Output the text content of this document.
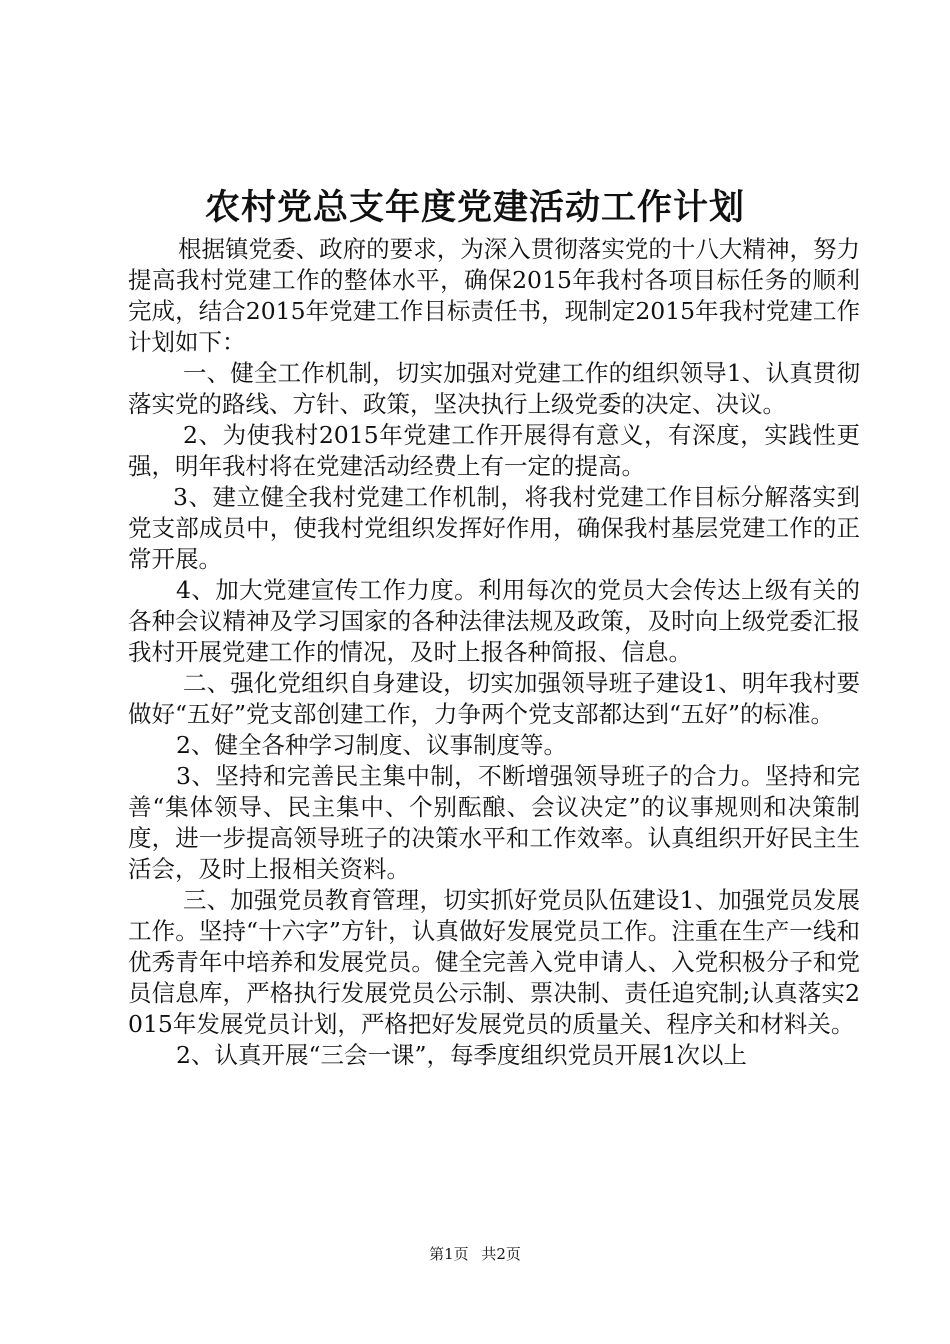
农村党总支年度党建活动工作计划

根据镇党委、政府的要求，为深入贯彻落实党的十八大精神，努力提高我村党建工作的整体水平，确保2015年我村各项目标任务的顺利完成，结合2015年党建工作目标责任书，现制定2015年我村党建工作计划如下：

一、健全工作机制，切实加强对党建工作的组织领导1、认真贯彻落实党的路线、方针、政策，坚决执行上级党委的决定、决议。

2、为使我村2015年党建工作开展得有意义，有深度，实践性更强，明年我村将在党建活动经费上有一定的提高。

3、建立健全我村党建工作机制，将我村党建工作目标分解落实到党支部成员中，使我村党组织发挥好作用，确保我村基层党建工作的正常开展。

4、加大党建宣传工作力度。利用每次的党员大会传达上级有关的各种会议精神及学习国家的各种法律法规及政策，及时向上级党委汇报我村开展党建工作的情况，及时上报各种简报、信息。

二、强化党组织自身建设，切实加强领导班子建设1、明年我村要做好“五好”党支部创建工作，力争两个党支部都达到“五好”的标准。

2、健全各种学习制度、议事制度等。

3、坚持和完善民主集中制，不断增强领导班子的合力。坚持和完善“集体领导、民主集中、个别酝酿、会议决定”的议事规则和决策制度，进一步提高领导班子的决策水平和工作效率。认真组织开好民主生活会，及时上报相关资料。

三、加强党员教育管理，切实抓好党员队伍建设1、加强党员发展工作。坚持“十六字”方针，认真做好发展党员工作。注重在生产一线和优秀青年中培养和发展党员。健全完善入党申请人、入党积极分子和党员信息库，严格执行发展党员公示制、票决制、责任追究制;认真落实2015年发展党员计划，严格把好发展党员的质量关、程序关和材料关。

2、认真开展“三会一课”，每季度组织党员开展1次以上

第1页 共2页
